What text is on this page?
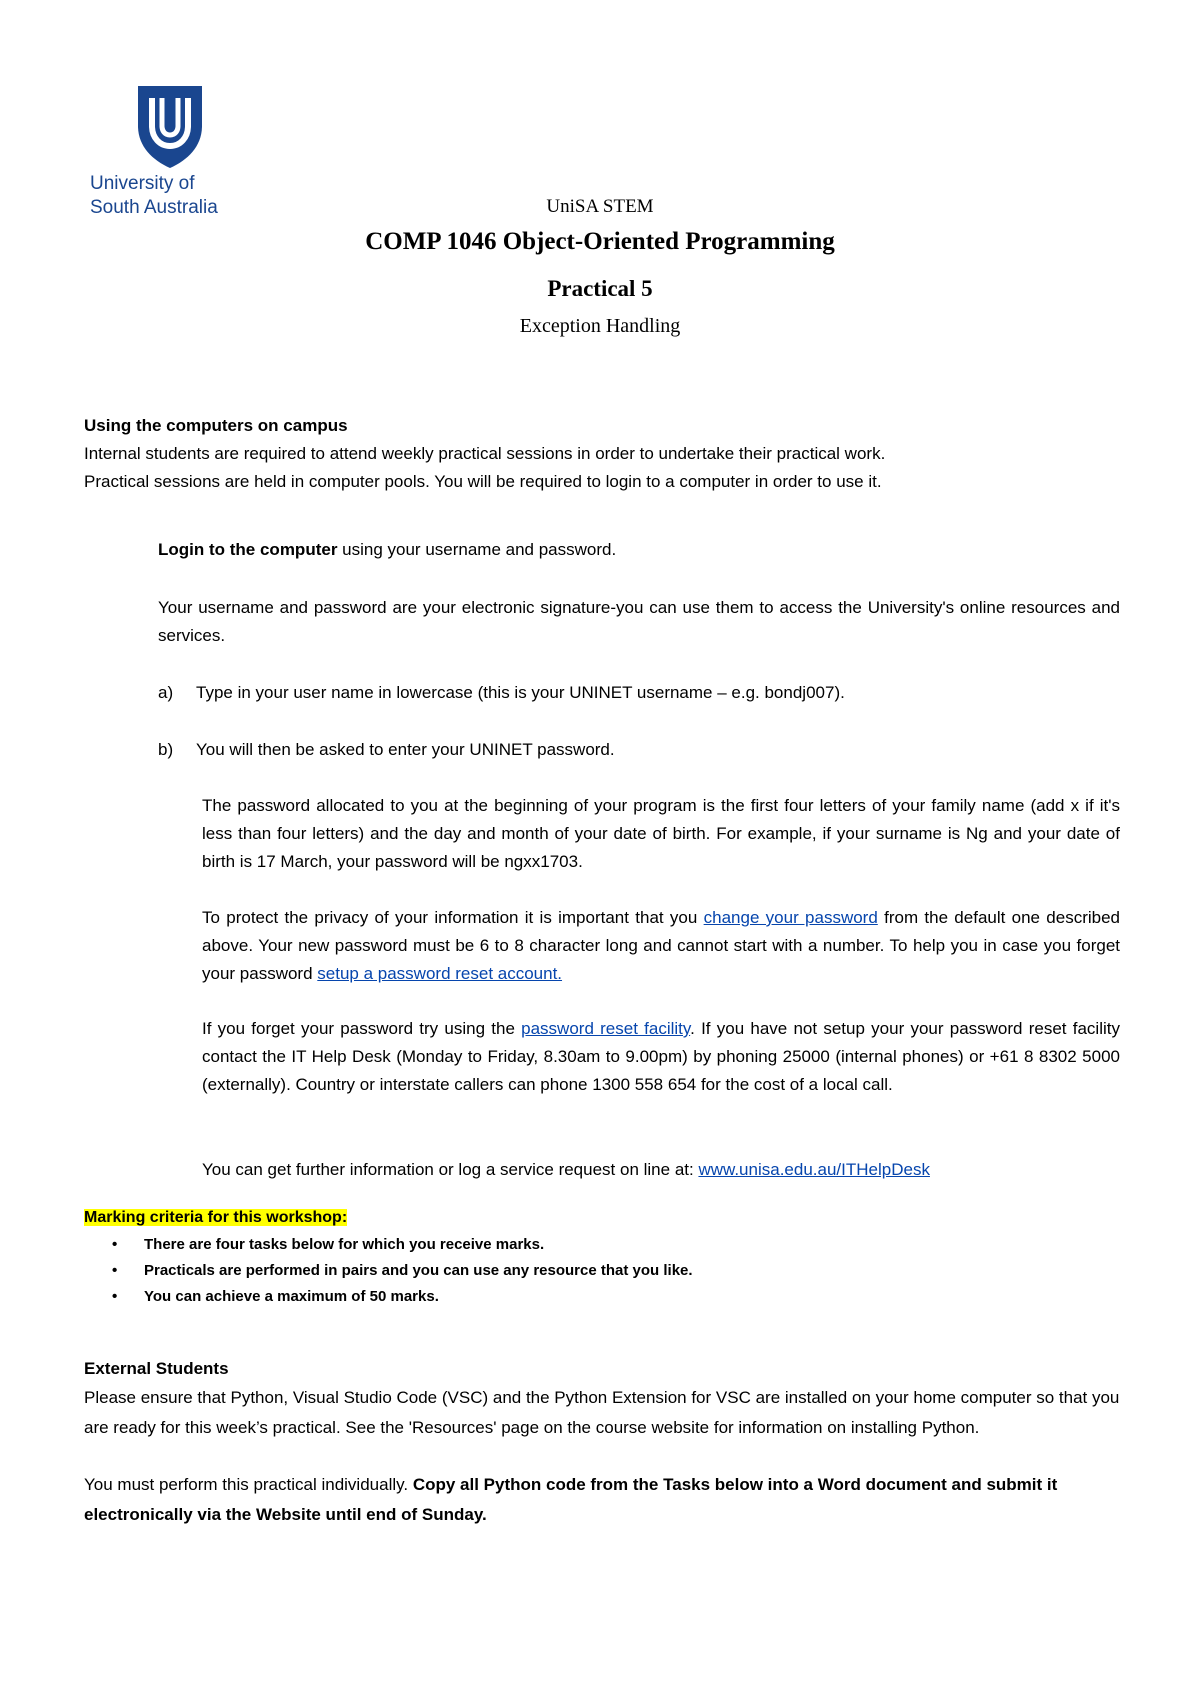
University of
South Australia	UniSA STEM
COMP 1046 Object-Oriented Programming
Practical 5
Exception Handling
Using the computers on campus
Internal students are required to attend weekly practical sessions in order to undertake their practical work.
Practical sessions are held in computer pools. You will be required to login to a computer in order to use it.
Login to the computer using your username and password.
Your username and password are your electronic signature-you can use them to access the University's online resources and services.
a) Type in your user name in lowercase (this is your UNINET username – e.g. bondj007).
b) You will then be asked to enter your UNINET password.
The password allocated to you at the beginning of your program is the first four letters of your family name (add x if it's less than four letters) and the day and month of your date of birth. For example, if your surname is Ng and your date of birth is 17 March, your password will be ngxx1703.
To protect the privacy of your information it is important that you change your password from the default one described above. Your new password must be 6 to 8 character long and cannot start with a number. To help you in case you forget your password setup a password reset account.
If you forget your password try using the password reset facility. If you have not setup your your password reset facility contact the IT Help Desk (Monday to Friday, 8.30am to 9.00pm) by phoning 25000 (internal phones) or +61 8 8302 5000 (externally). Country or interstate callers can phone 1300 558 654 for the cost of a local call.
You can get further information or log a service request on line at: www.unisa.edu.au/ITHelpDesk
Marking criteria for this workshop:
• There are four tasks below for which you receive marks.
• Practicals are performed in pairs and you can use any resource that you like.
• You can achieve a maximum of 50 marks.
External Students
Please ensure that Python, Visual Studio Code (VSC) and the Python Extension for VSC are installed on your home computer so that you are ready for this week’s practical. See the 'Resources' page on the course website for information on installing Python.
You must perform this practical individually. Copy all Python code from the Tasks below into a Word document and submit it electronically via the Website until end of Sunday.
